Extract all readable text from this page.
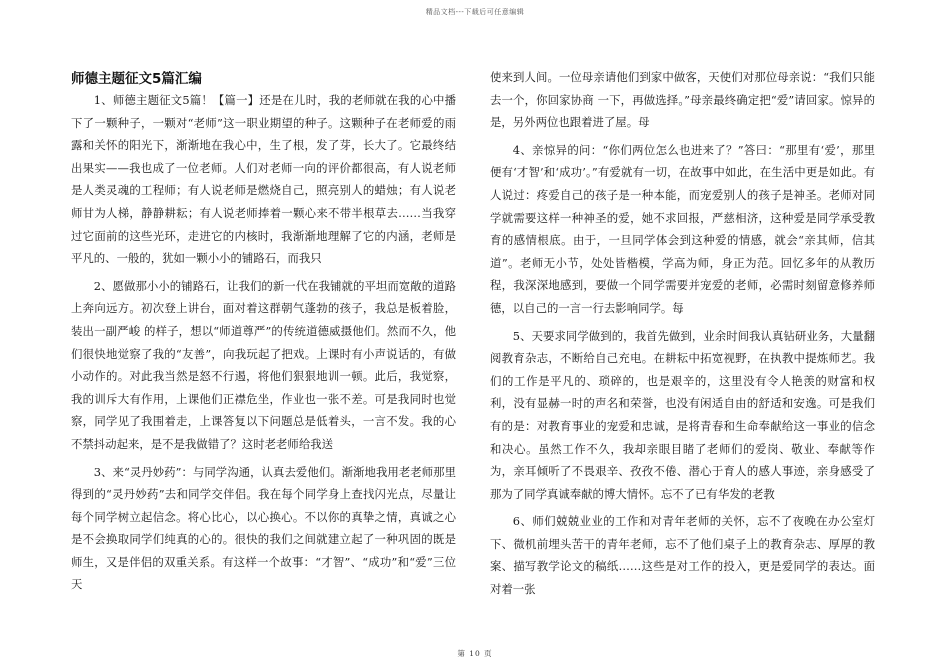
精品文档---下载后可任意编辑
师德主题征文5篇汇编

1、师德主题征文5篇！【篇一】还是在儿时，我的老师就在我的心中播下了一颗种子，一颗对“老师”这一职业期望的种子。这颗种子在老师爱的雨露和关怀的阳光下，渐渐地在我心中，生了根，发了芽，长大了。它最终结出果实——我也成了一位老师。人们对老师一向的评价都很高，有人说老师是人类灵魂的工程师；有人说老师是燃烧自己，照亮别人的蜡烛；有人说老师甘为人梯，静静耕耘；有人说老师捧着一颗心来不带半根草去……当我穿过它面前的这些光环，走进它的内核时，我渐渐地理解了它的内涵，老师是平凡的、一般的，犹如一颗小小的铺路石，而我只

2、愿做那小小的铺路石，让我们的新一代在我铺就的平坦而宽敞的道路上奔向远方。初次登上讲台，面对着这群朝气蓬勃的孩子，我总是板着脸，装出一副严峻 的样子，想以“师道尊严”的传统道德威摄他们。然而不久，他们很快地觉察了我的“友善”，向我玩起了把戏。上课时有小声说话的，有做小动作的。对此我当然是怒不行遏，将他们狠狠地训一顿。此后，我觉察，我的训斥大有作用，上课他们正襟危坐，作业也一张不差。可是我同时也觉察，同学见了我围着走，上课答复以下问题总是低着头，一言不发。我的心不禁抖动起来，是不是我做错了？这时老老师给我送

3、来“灵丹妙药”：与同学沟通，认真去爱他们。渐渐地我用老老师那里得到的“灵丹妙药”去和同学交伴侣。我在每个同学身上查找闪光点，尽量让每个同学树立起信念。将心比心，以心换心。不以你的真挚之情，真诚之心是不会换取同学们纯真的心的。很快的我们之间就建立起了一种巩固的既是师生，又是伴侣的双重关系。有这样一个故事：“才智”、“成功”和“爱”三位天

使来到人间。一位母亲请他们到家中做客，天使们对那位母亲说：“我们只能去一个，你回家协商 一下，再做选择。”母亲最终确定把“爱”请回家。惊异的是，另外两位也跟着进了屋。母

4、亲惊异的问：“你们两位怎么也进来了？”答曰：“那里有‘爱’，那里便有‘才智’和‘成功’。”有爱就有一切，在故事中如此，在生活中更是如此。有人说过：疼爱自己的孩子是一种本能，而宠爱别人的孩子是神圣。老师对同学就需要这样一种神圣的爱，她不求回报，严慈相济，这种爱是同学承受教育的感情根底。由于，一旦同学体会到这种爱的情感，就会“亲其师，信其道”。老师无小节，处处皆楷模，学高为师，身正为范。回忆多年的从教历程，我深深地感到，要做一个同学需要并宠爱的老师，必需时刻留意修养师德，以自己的一言一行去影响同学。每

5、天要求同学做到的，我首先做到，业余时间我认真钻研业务，大量翻阅教育杂志，不断给自己充电。在耕耘中拓宽视野，在执教中提炼师艺。我们的工作是平凡的、琐碎的，也是艰辛的，这里没有令人艳羡的财富和权利，没有显赫一时的声名和荣誉，也没有闲适自由的舒适和安逸。可是我们有的是：对教育事业的宠爱和忠诚，是将青春和生命奉献给这一事业的信念和决心。虽然工作不久，我却亲眼目睹了老师们的爱岗、敬业、奉献等作为，亲耳倾听了不畏艰辛、孜孜不倦、潜心于育人的感人事迹，亲身感受了那为了同学真诚奉献的博大情怀。忘不了已有华发的老教

6、师们兢兢业业的工作和对青年老师的关怀，忘不了夜晚在办公室灯下、微机前埋头苦干的青年老师，忘不了他们桌子上的教育杂志、厚厚的教案、描写教学论文的稿纸……这些是对工作的投入，更是爱同学的表达。面对着一张

第 10 页
